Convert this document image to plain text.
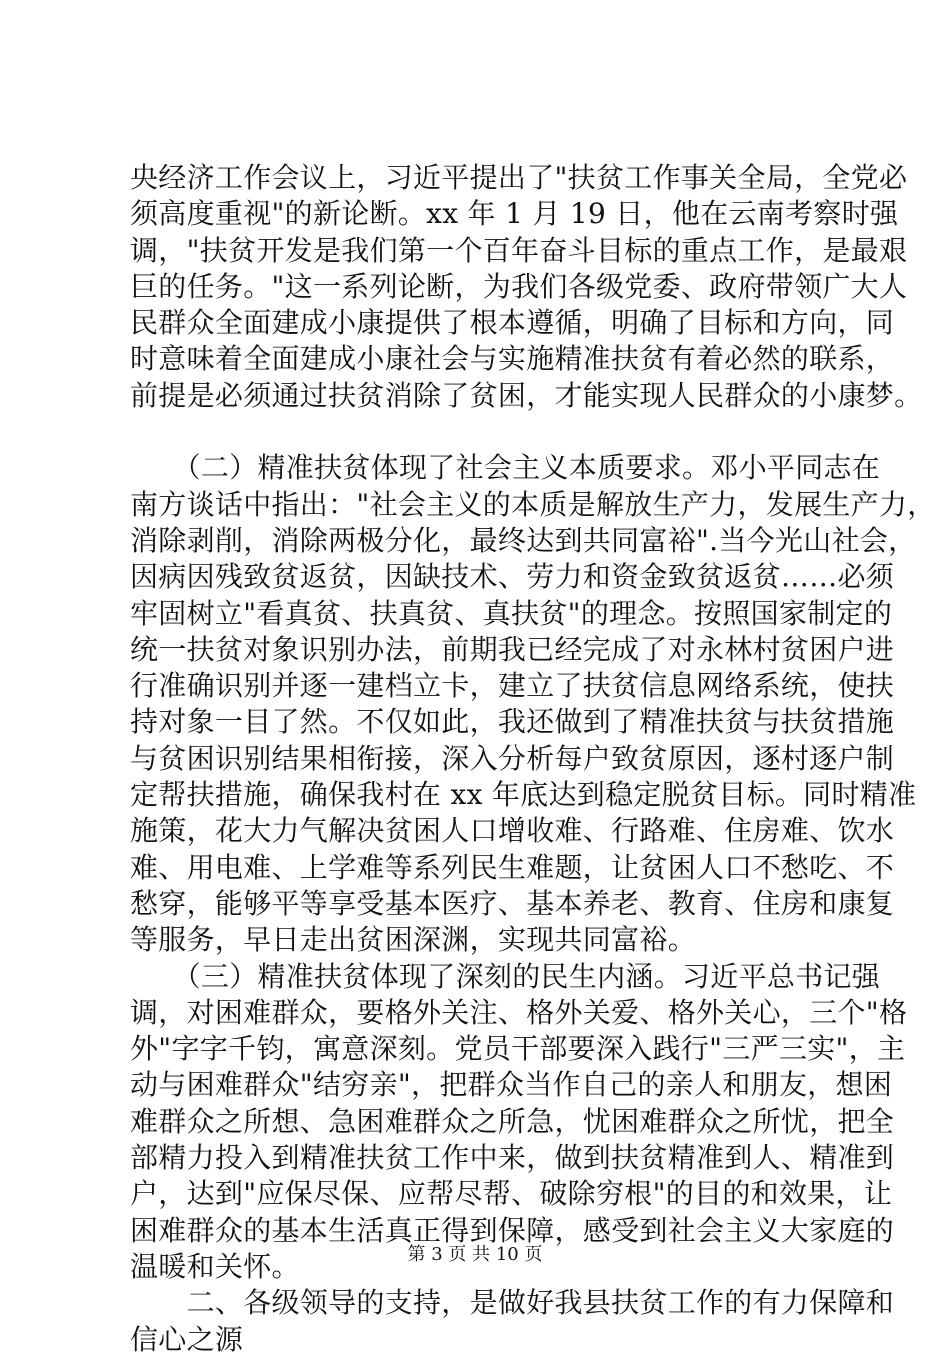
央经济工作会议上，习近平提出了"扶贫工作事关全局，全党必
须高度重视"的新论断。xx 年 1 月 19 日，他在云南考察时强
调，"扶贫开发是我们第一个百年奋斗目标的重点工作，是最艰
巨的任务。"这一系列论断，为我们各级党委、政府带领广大人
民群众全面建成小康提供了根本遵循，明确了目标和方向，同
时意味着全面建成小康社会与实施精准扶贫有着必然的联系，
前提是必须通过扶贫消除了贫困，才能实现人民群众的小康梦。
　　（二）精准扶贫体现了社会主义本质要求。邓小平同志在
南方谈话中指出："社会主义的本质是解放生产力，发展生产力，
消除剥削，消除两极分化，最终达到共同富裕".当今光山社会，
因病因残致贫返贫，因缺技术、劳力和资金致贫返贫……必须
牢固树立"看真贫、扶真贫、真扶贫"的理念。按照国家制定的
统一扶贫对象识别办法，前期我已经完成了对永林村贫困户进
行准确识别并逐一建档立卡，建立了扶贫信息网络系统，使扶
持对象一目了然。不仅如此，我还做到了精准扶贫与扶贫措施
与贫困识别结果相衔接，深入分析每户致贫原因，逐村逐户制
定帮扶措施，确保我村在 xx 年底达到稳定脱贫目标。同时精准
施策，花大力气解决贫困人口增收难、行路难、住房难、饮水
难、用电难、上学难等系列民生难题，让贫困人口不愁吃、不
愁穿，能够平等享受基本医疗、基本养老、教育、住房和康复
等服务，早日走出贫困深渊，实现共同富裕。
　　（三）精准扶贫体现了深刻的民生内涵。习近平总书记强
调，对困难群众，要格外关注、格外关爱、格外关心，三个"格
外"字字千钧，寓意深刻。党员干部要深入践行"三严三实"，主
动与困难群众"结穷亲"，把群众当作自己的亲人和朋友，想困
难群众之所想、急困难群众之所急，忧困难群众之所忧，把全
部精力投入到精准扶贫工作中来，做到扶贫精准到人、精准到
户，达到"应保尽保、应帮尽帮、破除穷根"的目的和效果，让
困难群众的基本生活真正得到保障，感受到社会主义大家庭的
温暖和关怀。
　　二、各级领导的支持，是做好我县扶贫工作的有力保障和
信心之源
第 3 页 共 10 页
